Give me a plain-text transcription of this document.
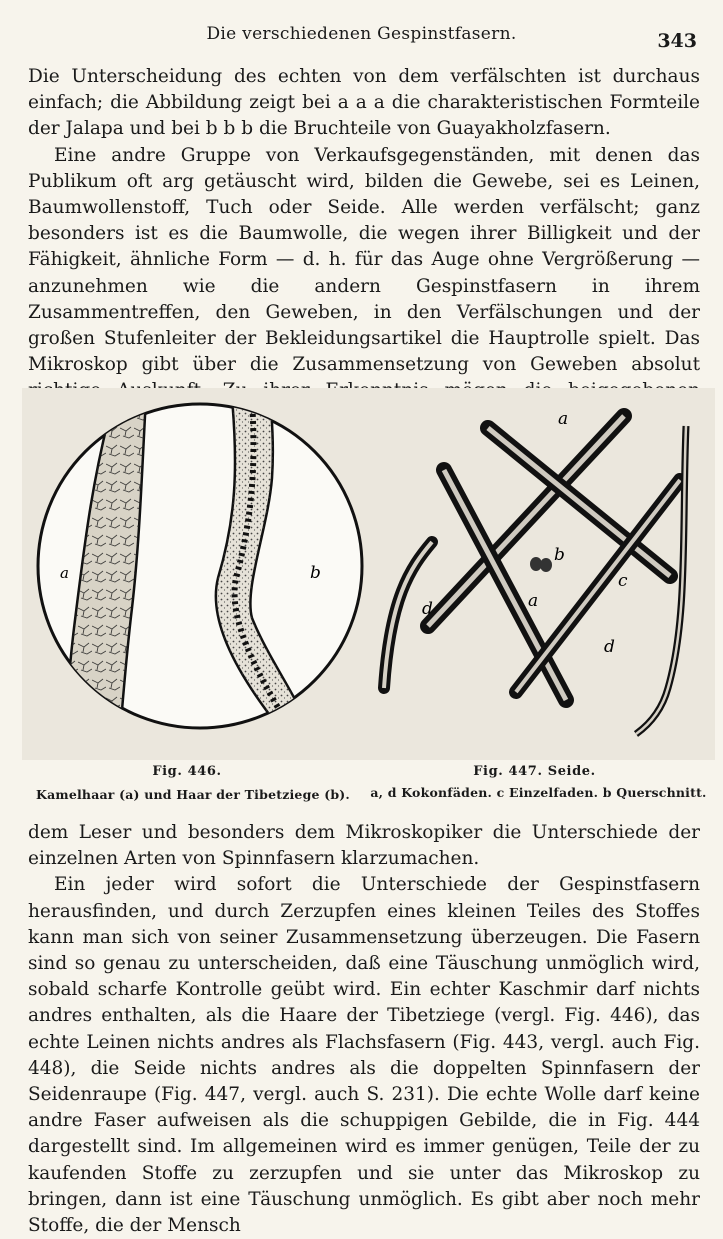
Die verschiedenen Gespinstfasern.	343

Die Unterscheidung des echten von dem verfälschten ist durchaus einfach; die Abbildung zeigt bei a a a die charakteristischen Formteile der Jalapa und bei b b b die Bruchteile von Guayakholzfasern.

Eine andre Gruppe von Verkaufsgegenständen, mit denen das Publikum oft arg getäuscht wird, bilden die Gewebe, sei es Leinen, Baumwollenstoff, Tuch oder Seide. Alle werden verfälscht; ganz besonders ist es die Baumwolle, die wegen ihrer Billigkeit und der Fähigkeit, ähnliche Form — d. h. für das Auge ohne Vergrößerung — anzunehmen wie die andern Gespinstfasern in ihrem Zusammentreffen, den Geweben, in den Verfälschungen und der großen Stufenleiter der Bekleidungsartikel die Hauptrolle spielt. Das Mikroskop gibt über die Zusammensetzung von Geweben absolut

a	b
Fig. 446.
Kamelhaar (a) und Haar der Tibetziege (b).
a
a
b
c
d
d
Fig. 447. Seide.
a, d Kokonfäden. c Einzelfaden. b Querschnitt.

dem Leser und besonders dem Mikroskopiker die Unterschiede der einzelnen Arten von Spinnfasern klarzumachen.

Ein jeder wird sofort die Unterschiede der Gespinstfasern herausfinden, und durch Zerzupfen eines kleinen Teiles des Stoffes kann man sich von seiner Zusammensetzung überzeugen. Die Fasern sind so genau zu unterscheiden, daß eine Täuschung unmöglich wird, sobald scharfe Kontrolle geübt wird. Ein echter Kaschmir darf nichts andres enthalten, als die Haare der Tibetziege (vergl. Fig. 446), das echte Leinen nichts andres als Flachsfasern (Fig. 443, vergl. auch Fig. 448), die Seide nichts andres als die doppelten Spinnfasern der Seidenraupe (Fig. 447, vergl. auch S. 231). Die echte Wolle darf keine andre Faser aufweisen als die schuppigen Gebilde, die in Fig. 444 dargestellt sind. Im allgemeinen wird es immer genügen, Teile der zu kaufenden Stoffe zu zerzupfen und sie unter das Mikroskop zu bringen, dann ist eine Täuschung unmöglich. Es gibt aber noch mehr Stoffe, die der Mensch
